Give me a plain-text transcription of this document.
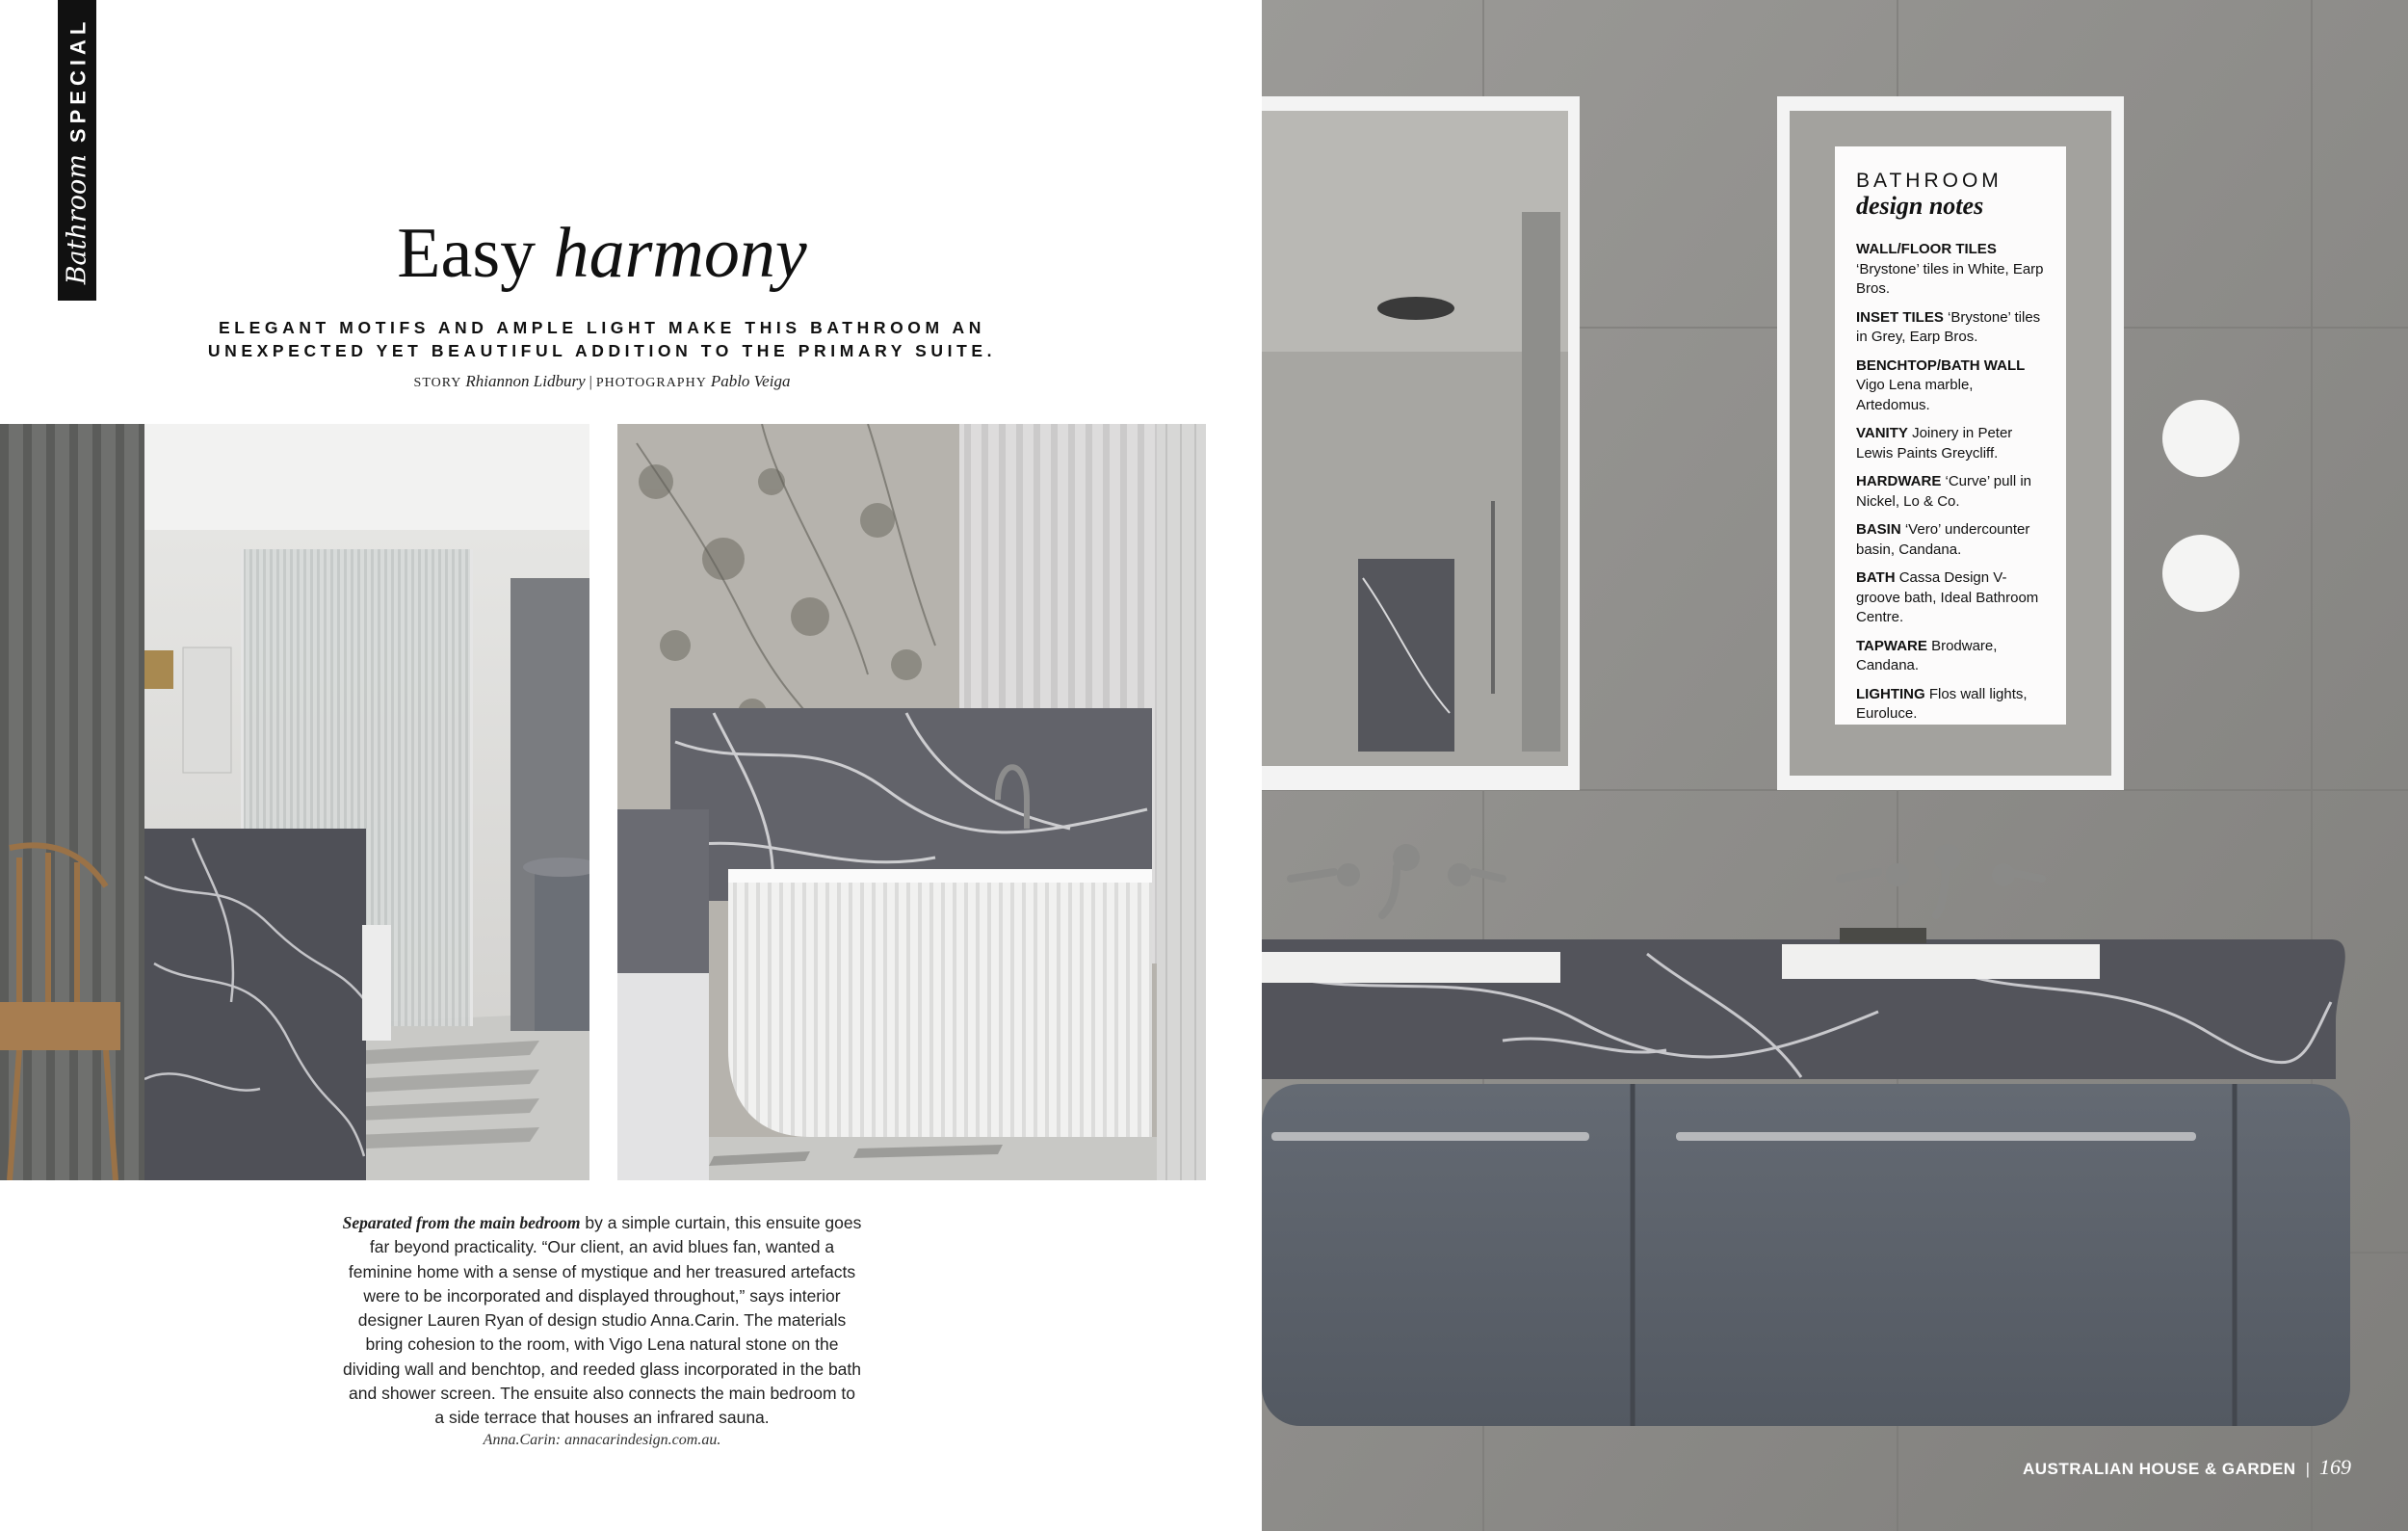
Bathroom
SPECIAL
Easy harmony
ELEGANT MOTIFS AND AMPLE LIGHT MAKE THIS BATHROOM AN
UNEXPECTED YET BEAUTIFUL ADDITION TO THE PRIMARY SUITE.
STORY Rhiannon Lidbury | PHOTOGRAPHY Pablo Veiga
Separated from the main bedroom by a simple curtain, this ensuite goes far beyond practicality. “Our client, an avid blues fan, wanted a feminine home with a sense of mystique and her treasured artefacts were to be incorporated and displayed throughout,” says interior designer Lauren Ryan of design studio Anna.Carin. The materials bring cohesion to the room, with Vigo Lena natural stone on the dividing wall and benchtop, and reeded glass incorporated in the bath and shower screen. The ensuite also connects the main bedroom to a side terrace that houses an infrared sauna.
Anna.Carin: annacarindesign.com.au.
BATHROOM
design notes
WALL/FLOOR TILES ‘Brystone’ tiles in White, Earp Bros.
INSET TILES ‘Brystone’ tiles in Grey, Earp Bros.
BENCHTOP/BATH WALL Vigo Lena marble, Artedomus.
VANITY Joinery in Peter Lewis Paints Greycliff.
HARDWARE ‘Curve’ pull in Nickel, Lo & Co.
BASIN ‘Vero’ undercounter basin, Candana.
BATH Cassa Design V-groove bath, Ideal Bathroom Centre.
TAPWARE Brodware, Candana.
LIGHTING Flos wall lights, Euroluce.
AUSTRALIAN HOUSE & GARDEN | 169
